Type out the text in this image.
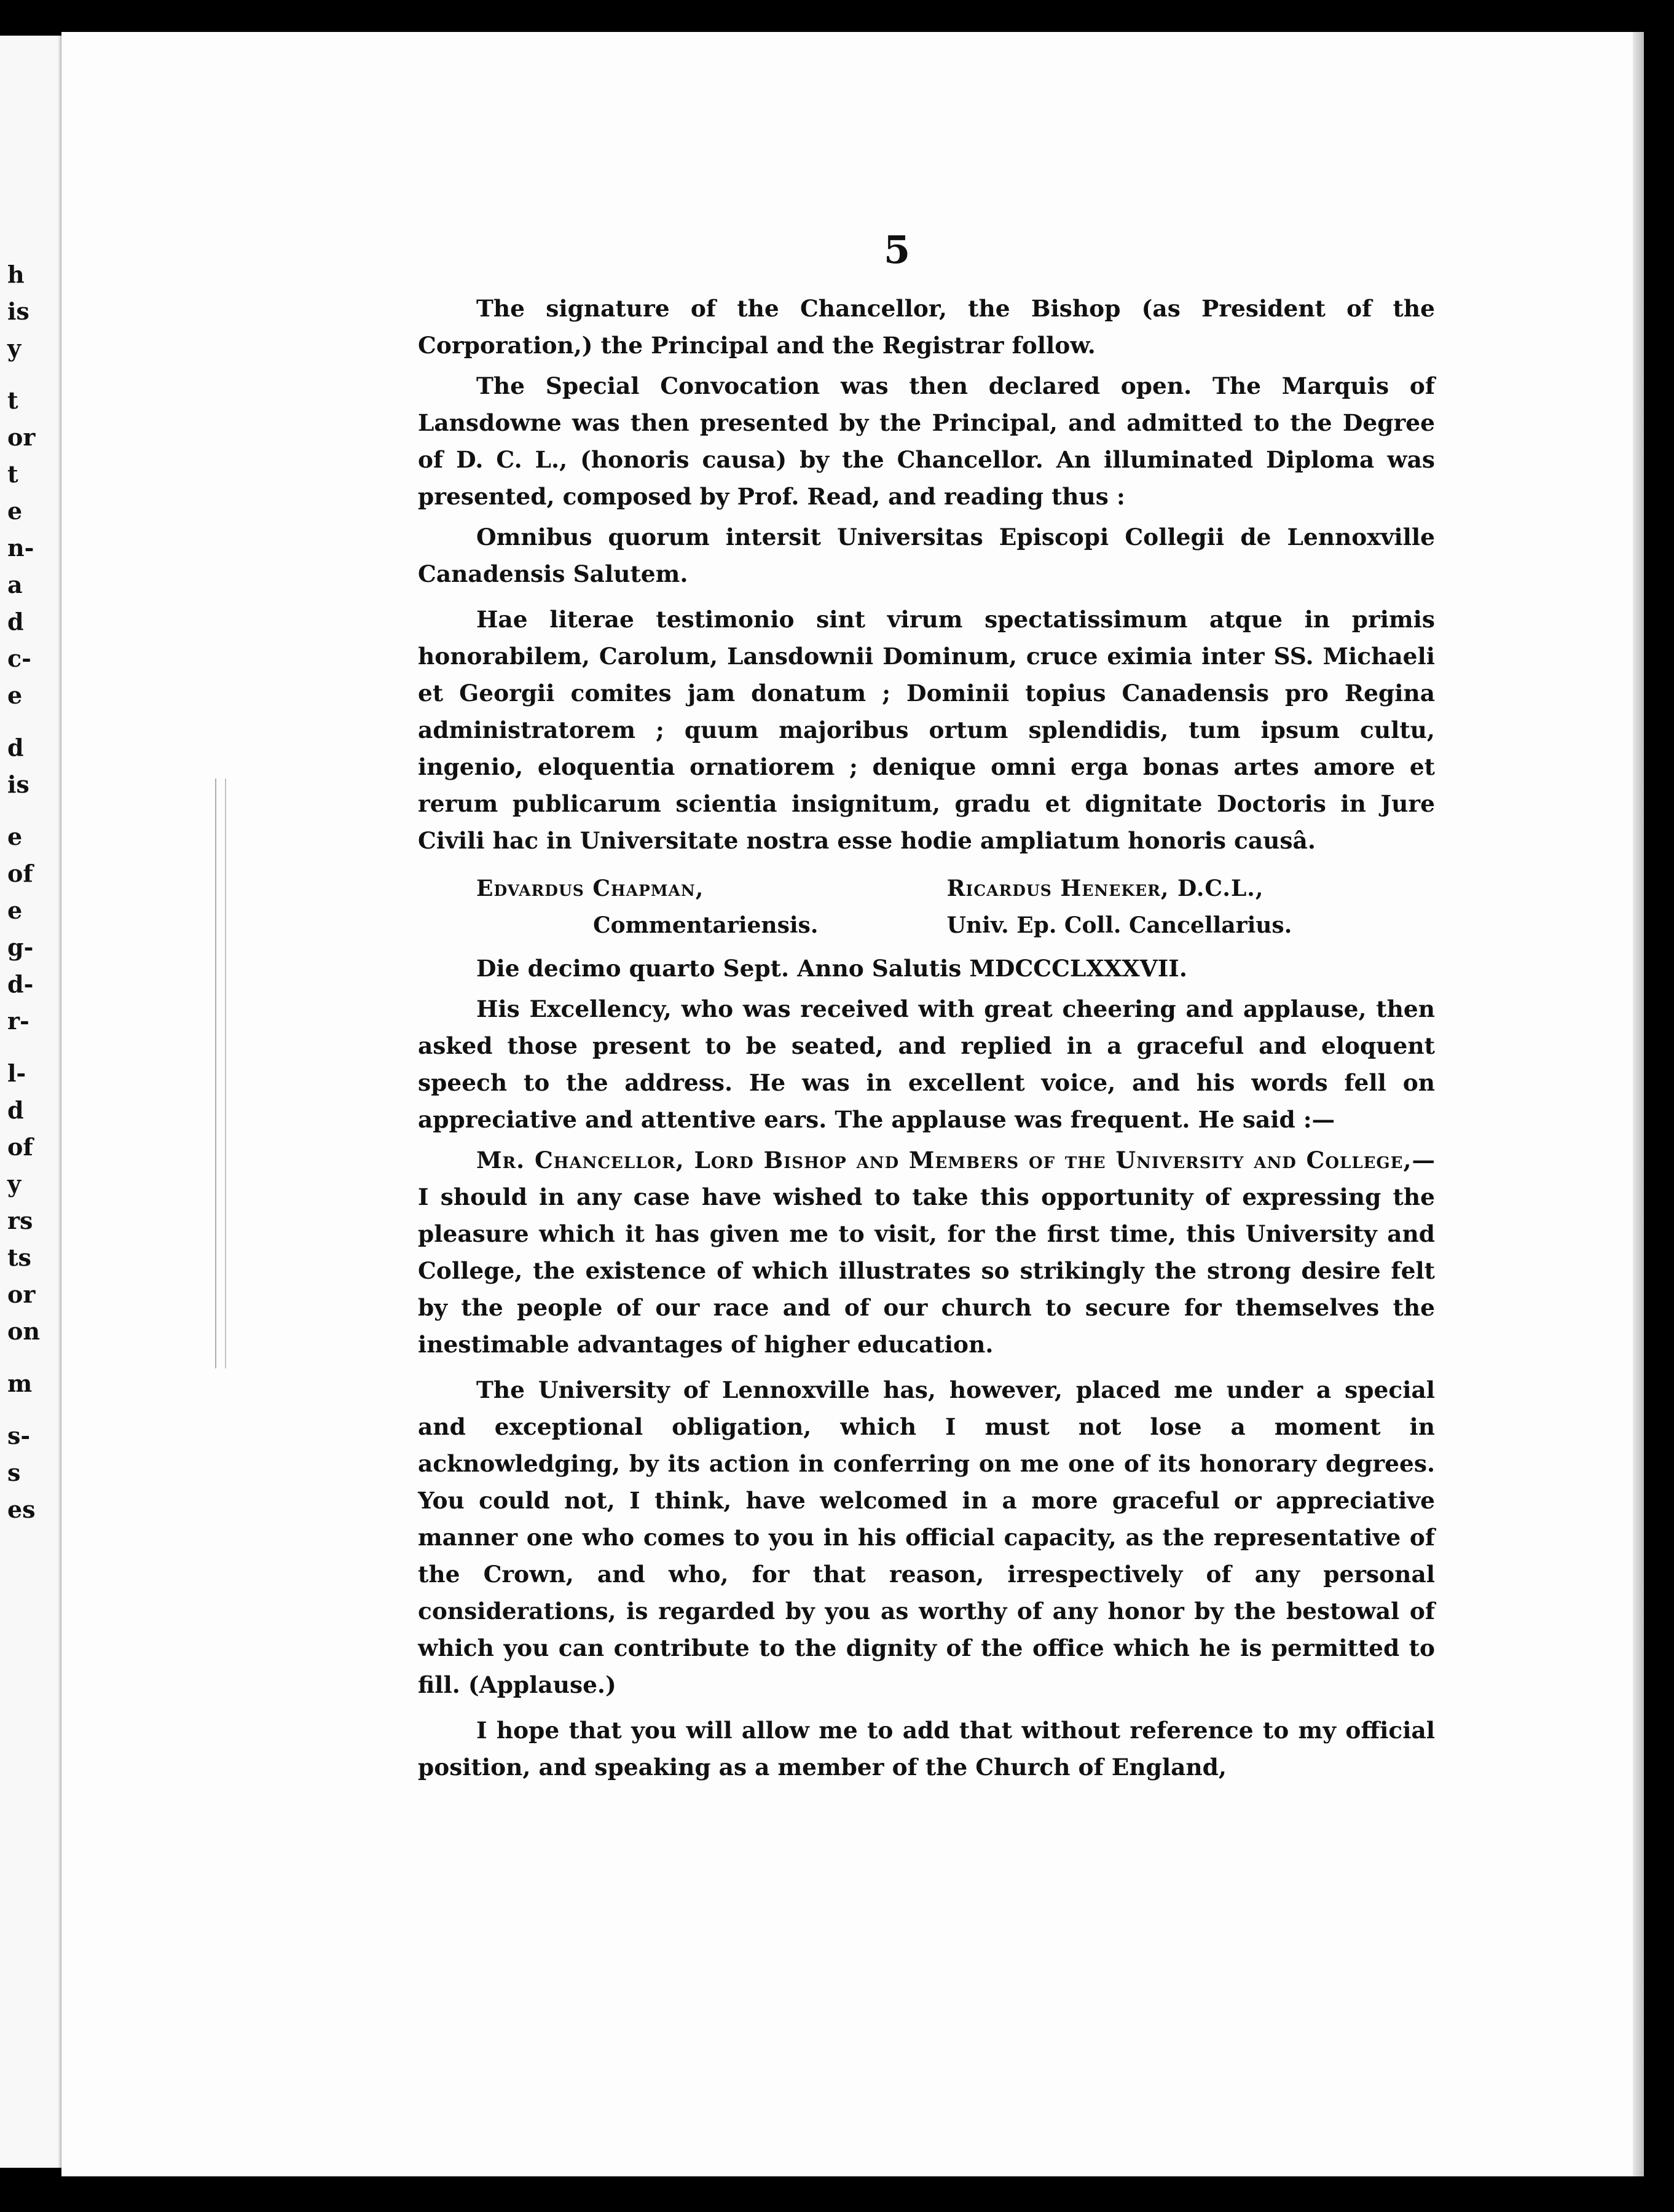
h
is
y
t
or
t
e
n-
a
d
c-
e
d
is
e
of
e
g-
d-
r-
l-
d
of
y
rs
ts
or
on
m
s-
s
es
5

The signature of the Chancellor, the Bishop (as President of the Corporation,) the Principal and the Registrar follow.

The Special Convocation was then declared open. The Marquis of Lansdowne was then presented by the Principal, and admitted to the Degree of D. C. L., (honoris causa) by the Chancellor. An illuminated Diploma was presented, composed by Prof. Read, and reading thus :

Omnibus quorum intersit Universitas Episcopi Collegii de Lennoxville Canadensis Salutem.

Hae literae testimonio sint virum spectatissimum atque in primis honorabilem, Carolum, Lansdownii Dominum, cruce eximia inter SS. Michaeli et Georgii comites jam donatum ; Dominii topius Canadensis pro Regina administratorem ; quum majoribus ortum splendidis, tum ipsum cultu, ingenio, eloquentia ornatiorem ; denique omni erga bonas artes amore et rerum publicarum scientia insignitum, gradu et dignitate Doctoris in Jure Civili hac in Universitate nostra esse hodie ampliatum honoris causâ.

Edvardus Chapman,
Commentariensis.

Ricardus Heneker, D.C.L.,
Univ. Ep. Coll. Cancellarius.

Die decimo quarto Sept. Anno Salutis MDCCCLXXXVII.

His Excellency, who was received with great cheering and applause, then asked those present to be seated, and replied in a graceful and eloquent speech to the address. He was in excellent voice, and his words fell on appreciative and attentive ears. The applause was frequent. He said :—

Mr. Chancellor, Lord Bishop and Members of the University and College,—I should in any case have wished to take this opportunity of expressing the pleasure which it has given me to visit, for the first time, this University and College, the existence of which illustrates so strikingly the strong desire felt by the people of our race and of our church to secure for themselves the inestimable advantages of higher education.

The University of Lennoxville has, however, placed me under a special and exceptional obligation, which I must not lose a moment in acknowledging, by its action in conferring on me one of its honorary degrees. You could not, I think, have welcomed in a more graceful or appreciative manner one who comes to you in his official capacity, as the representative of the Crown, and who, for that reason, irrespectively of any personal considerations, is regarded by you as worthy of any honor by the bestowal of which you can contribute to the dignity of the office which he is permitted to fill. (Applause.)

I hope that you will allow me to add that without reference to my official position, and speaking as a member of the Church of England,
